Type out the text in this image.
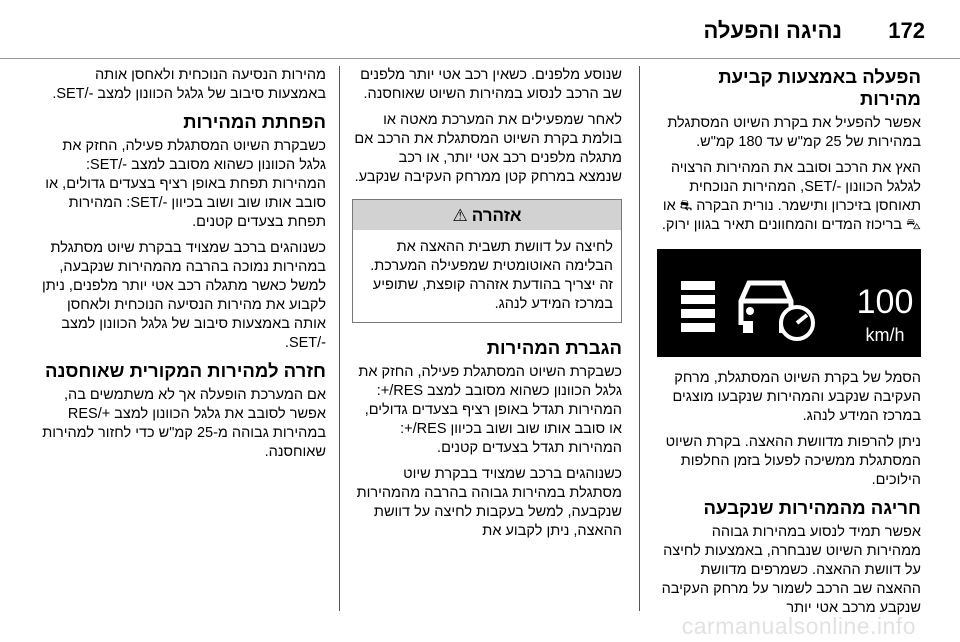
172
נהיגה והפעלה
הפעלה באמצעות קביעת מהירות

אפשר להפעיל את בקרת השיוט המסתגלת במהירות של 25 קמ"ש עד 180 קמ"ש.

האץ את הרכב וסובב את המהירות הרצויה לגלגל הכוונון -/SET, המהירות הנוכחית תאוחסן בזיכרון ותישמר. נורית הבקרה ⛐ או ⛍ בריכוז המדים והמחוונים תאיר בגוון ירוק.

100
km/h

הסמל של בקרת השיוט המסתגלת, מרחק העקיבה שנקבע והמהירות שנקבעו מוצגים במרכז המידע לנהג.

ניתן להרפות מדוושת ההאצה. בקרת השיוט המסתגלת ממשיכה לפעול בזמן החלפות הילוכים.

חריגה מהמהירות שנקבעה

אפשר תמיד לנסוע במהירות גבוהה ממהירות השיוט שנבחרה, באמצעות לחיצה על דוושת ההאצה. כשמרפים מדוושת ההאצה שב הרכב לשמור על מרחק העקיבה שנקבע מרכב אטי יותר

שנוסע מלפנים. כשאין רכב אטי יותר מלפנים שב הרכב לנסוע במהירות השיוט שאוחסנה.

לאחר שמפעילים את המערכת מאטה או בולמת בקרת השיוט המסתגלת את הרכב אם מתגלה מלפנים רכב אטי יותר, או רכב שנמצא במרחק קטן ממרחק העקיבה שנקבע.

אזהרה
⚠

לחיצה על דוושת תשבית ההאצה את הבלימה האוטומטית שמפעילה המערכת. זה יצריך בהודעת אזהרה קופצת, שתופיע במרכז המידע לנהג.

הגברת המהירות

כשבקרת השיוט המסתגלת פעילה, החזק את גלגל הכוונון כשהוא מסובב למצב RES/+: המהירות תגדל באופן רציף בצעדים גדולים, או סובב אותו שוב ושוב בכיוון RES/+: המהירות תגדל בצעדים קטנים.

כשנוהגים ברכב שמצויד בבקרת שיוט מסתגלת במהירות גבוהה בהרבה מהמהירות שנקבעה, למשל בעקבות לחיצה על דוושת ההאצה, ניתן לקבוע את

מהירות הנסיעה הנוכחית ולאחסן אותה באמצעות סיבוב של גלגל הכוונון למצב -/SET.

הפחתת המהירות

כשבקרת השיוט המסתגלת פעילה, החזק את גלגל הכוונון כשהוא מסובב למצב -/SET: המהירות תפחת באופן רציף בצעדים גדולים, או סובב אותו שוב ושוב בכיוון -/SET: המהירות תפחת בצעדים קטנים.

כשנוהגים ברכב שמצויד בבקרת שיוט מסתגלת במהירות נמוכה בהרבה מהמהירות שנקבעה, למשל כאשר מתגלה רכב אטי יותר מלפנים, ניתן לקבוע את מהירות הנסיעה הנוכחית ולאחסן אותה באמצעות סיבוב של גלגל הכוונון למצב -/SET.

חזרה למהירות המקורית שאוחסנה

אם המערכת הופעלה אך לא משתמשים בה, אפשר לסובב את גלגל הכוונון למצב +/RES במהירות גבוהה מ-25 קמ"ש כדי לחזור למהירות שאוחסנה.

carmanualsonline.info
